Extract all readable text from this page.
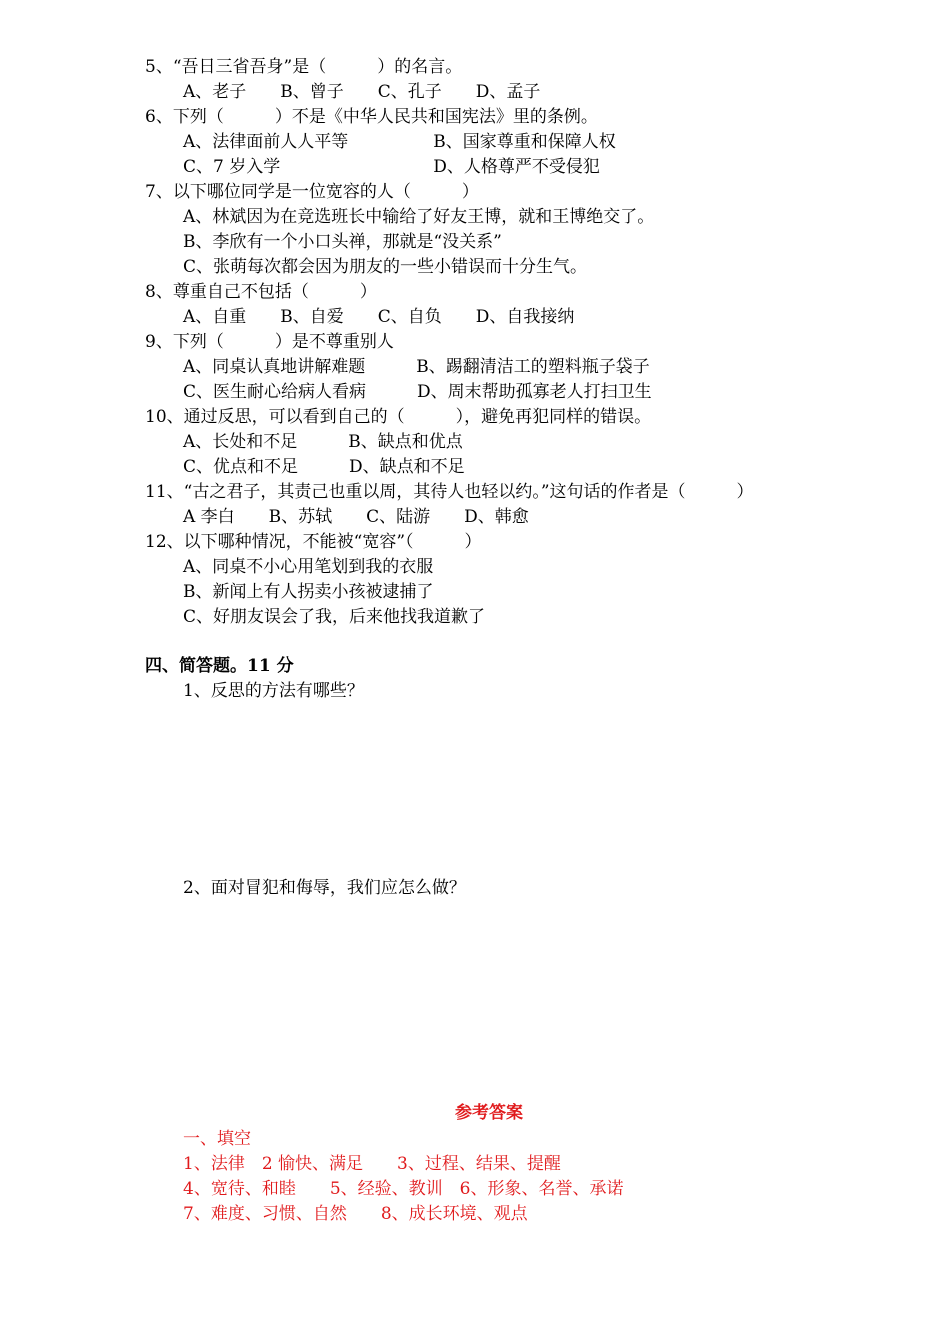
5、“吾日三省吾身”是（　　　）的名言。
A、老子　　B、曾子　　C、孔子　　D、孟子
6、下列（　　　）不是《中华人民共和国宪法》里的条例。
A、法律面前人人平等　　　　　B、国家尊重和保障人权
C、7 岁入学　　　　　　　　　D、人格尊严不受侵犯
7、以下哪位同学是一位宽容的人（　　　）
A、林斌因为在竞选班长中输给了好友王博，就和王博绝交了。
B、李欣有一个小口头禅，那就是“没关系”
C、张萌每次都会因为朋友的一些小错误而十分生气。
8、尊重自己不包括（　　　）
A、自重　　B、自爱　　C、自负　　D、自我接纳
9、下列（　　　）是不尊重别人
A、同桌认真地讲解难题　　　B、踢翻清洁工的塑料瓶子袋子
C、医生耐心给病人看病　　　D、周末帮助孤寡老人打扫卫生
10、通过反思，可以看到自己的（　　　），避免再犯同样的错误。
A、长处和不足　　　B、缺点和优点
C、优点和不足　　　D、缺点和不足
11、“古之君子，其责己也重以周，其待人也轻以约。”这句话的作者是（　　　）
A 李白　　B、苏轼　　C、陆游　　D、韩愈
12、以下哪种情况，不能被“宽容”（　　　）
A、同桌不小心用笔划到我的衣服
B、新闻上有人拐卖小孩被逮捕了
C、好朋友误会了我，后来他找我道歉了
四、简答题。11 分
1、反思的方法有哪些？
2、面对冒犯和侮辱，我们应怎么做？
参考答案
一、填空
1、法律　2 愉快、满足　　3、过程、结果、提醒
4、宽待、和睦　　5、经验、教训　6、形象、名誉、承诺
7、难度、习惯、自然　　8、成长环境、观点
